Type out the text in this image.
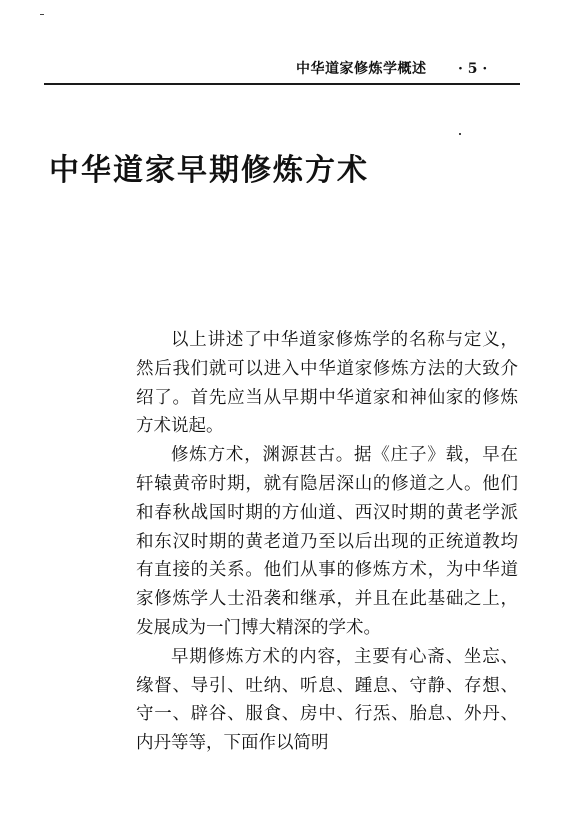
中华道家修炼学概述	· 5 ·
中华道家早期修炼方术

以上讲述了中华道家修炼学的名称与定义，然后我们就可以进入中华道家修炼方法的大致介绍了。首先应当从早期中华道家和神仙家的修炼方术说起。

修炼方术，渊源甚古。据《庄子》载，早在轩辕黄帝时期，就有隐居深山的修道之人。他们和春秋战国时期的方仙道、西汉时期的黄老学派和东汉时期的黄老道乃至以后出现的正统道教均有直接的关系。他们从事的修炼方术，为中华道家修炼学人士沿袭和继承，并且在此基础之上，发展成为一门博大精深的学术。

早期修炼方术的内容，主要有心斋、坐忘、缘督、导引、吐纳、听息、踵息、守静、存想、守一、辟谷、服食、房中、行炁、胎息、外丹、内丹等等，下面作以简明
